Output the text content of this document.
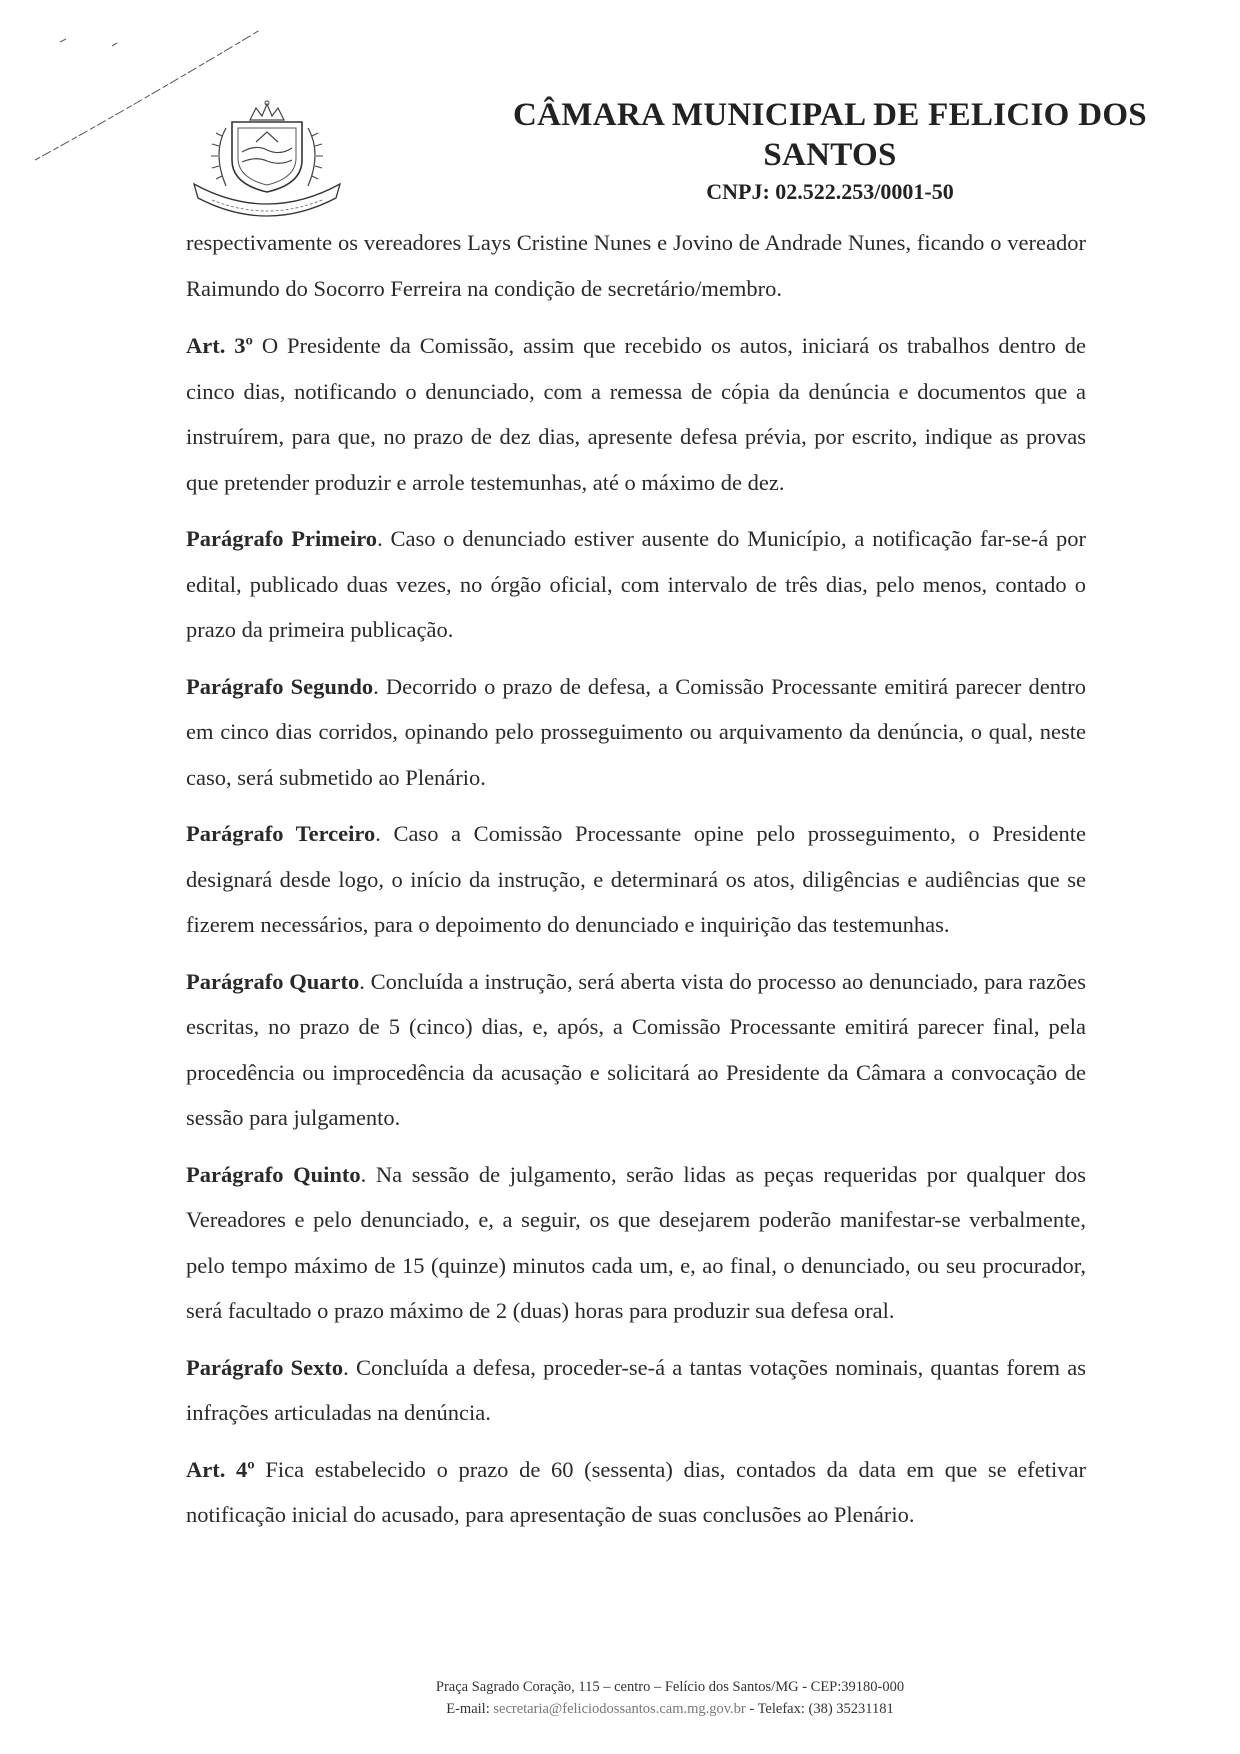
CÂMARA MUNICIPAL DE FELICIO DOS
SANTOS
CNPJ: 02.522.253/0001-50

respectivamente os vereadores Lays Cristine Nunes e Jovino de Andrade Nunes, ficando o vereador Raimundo do Socorro Ferreira na condição de secretário/membro.

Art. 3º O Presidente da Comissão, assim que recebido os autos, iniciará os trabalhos dentro de cinco dias, notificando o denunciado, com a remessa de cópia da denúncia e documentos que a instruírem, para que, no prazo de dez dias, apresente defesa prévia, por escrito, indique as provas que pretender produzir e arrole testemunhas, até o máximo de dez.

Parágrafo Primeiro. Caso o denunciado estiver ausente do Município, a notificação far-se-á por edital, publicado duas vezes, no órgão oficial, com intervalo de três dias, pelo menos, contado o prazo da primeira publicação.

Parágrafo Segundo. Decorrido o prazo de defesa, a Comissão Processante emitirá parecer dentro em cinco dias corridos, opinando pelo prosseguimento ou arquivamento da denúncia, o qual, neste caso, será submetido ao Plenário.

Parágrafo Terceiro. Caso a Comissão Processante opine pelo prosseguimento, o Presidente designará desde logo, o início da instrução, e determinará os atos, diligências e audiências que se fizerem necessários, para o depoimento do denunciado e inquirição das testemunhas.

Parágrafo Quarto. Concluída a instrução, será aberta vista do processo ao denunciado, para razões escritas, no prazo de 5 (cinco) dias, e, após, a Comissão Processante emitirá parecer final, pela procedência ou improcedência da acusação e solicitará ao Presidente da Câmara a convocação de sessão para julgamento.

Parágrafo Quinto. Na sessão de julgamento, serão lidas as peças requeridas por qualquer dos Vereadores e pelo denunciado, e, a seguir, os que desejarem poderão manifestar-se verbalmente, pelo tempo máximo de 15 (quinze) minutos cada um, e, ao final, o denunciado, ou seu procurador, será facultado o prazo máximo de 2 (duas) horas para produzir sua defesa oral.

Parágrafo Sexto. Concluída a defesa, proceder-se-á a tantas votações nominais, quantas forem as infrações articuladas na denúncia.

Art. 4º Fica estabelecido o prazo de 60 (sessenta) dias, contados da data em que se efetivar notificação inicial do acusado, para apresentação de suas conclusões ao Plenário.

Praça Sagrado Coração, 115 – centro – Felício dos Santos/MG - CEP:39180-000
E-mail: secretaria@feliciodossantos.cam.mg.gov.br - Telefax: (38) 35231181
